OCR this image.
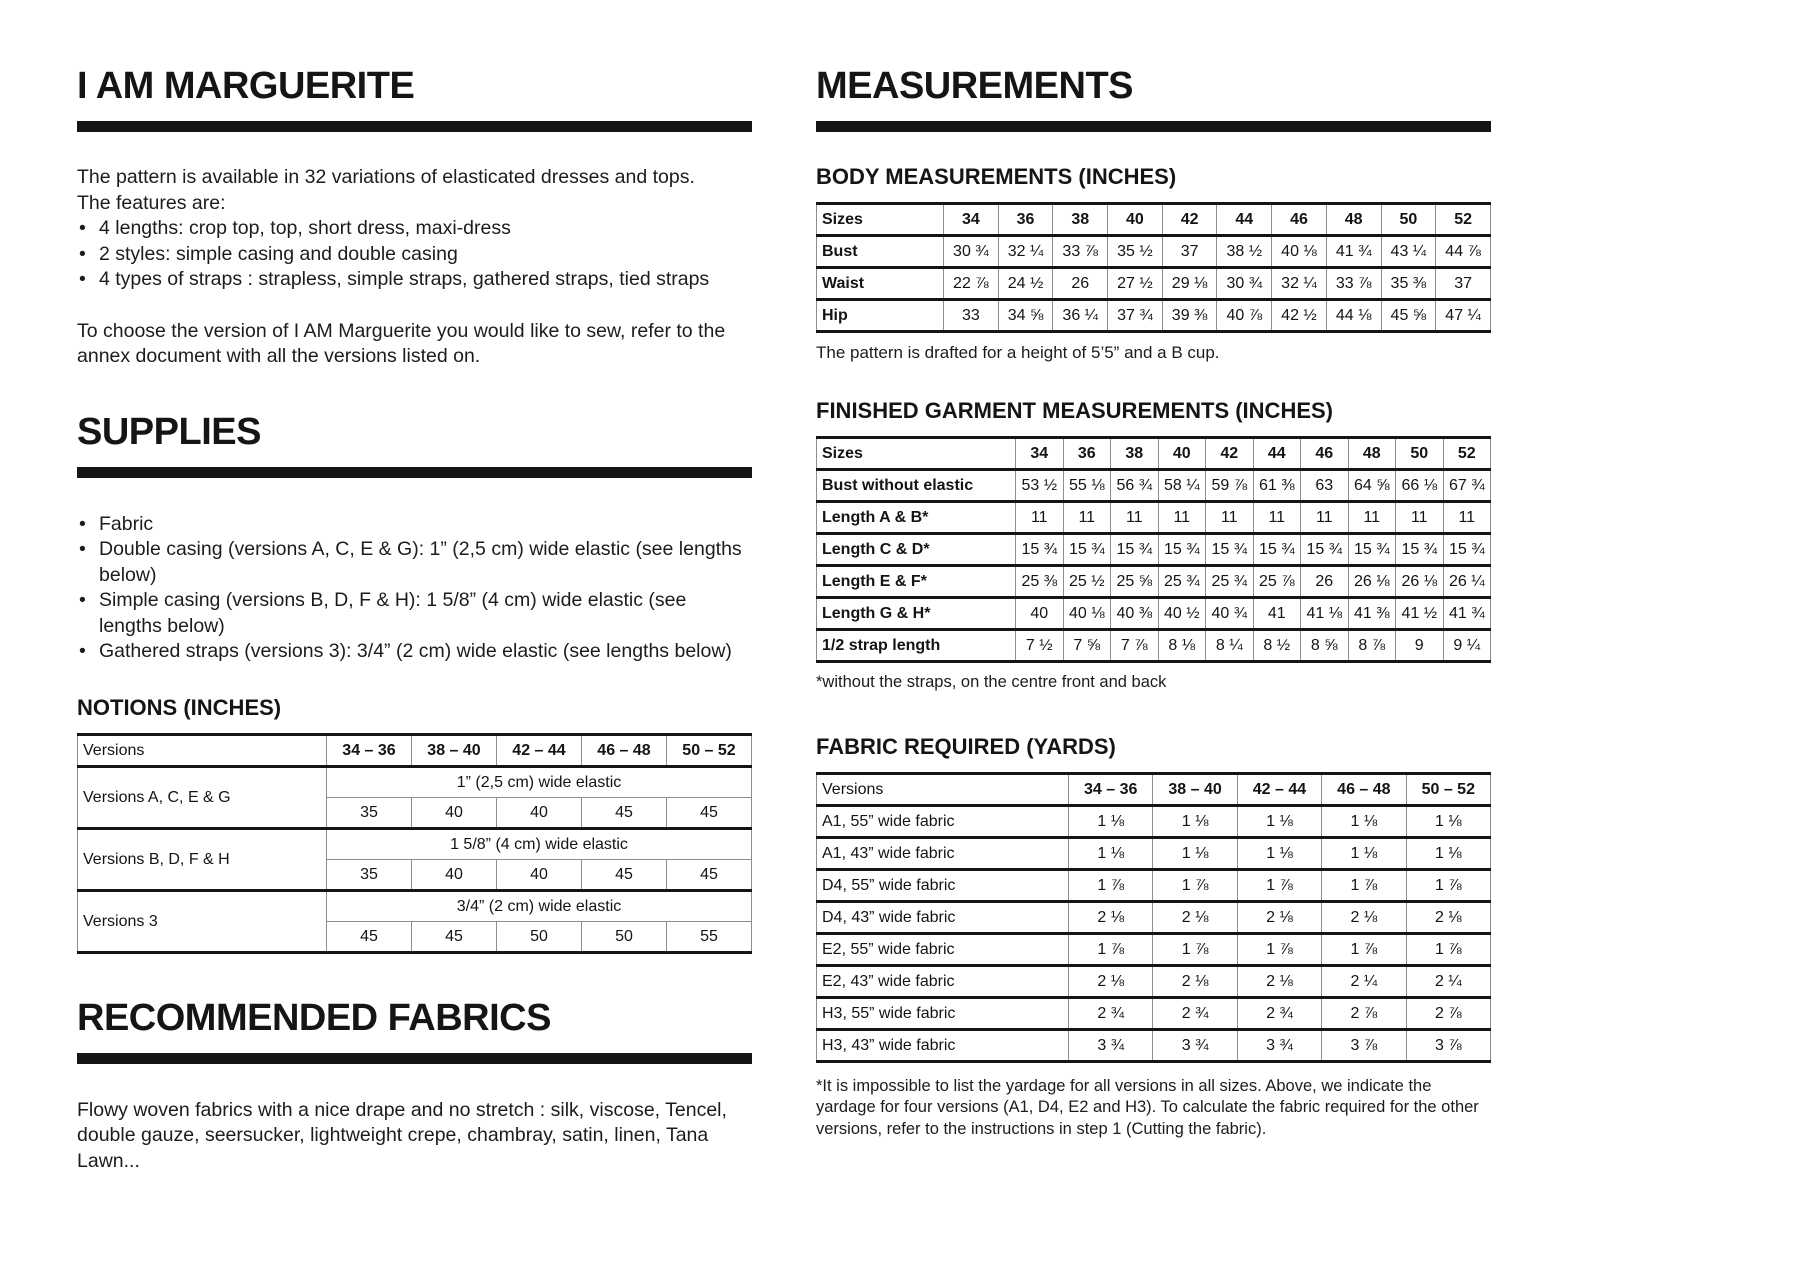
I AM MARGUERITE
The pattern is available in 32 variations of elasticated dresses and tops.
The features are:
• 4 lengths: crop top, top, short dress, maxi-dress
• 2 styles: simple casing and double casing
• 4 types of straps : strapless, simple straps, gathered straps, tied straps
To choose the version of I AM Marguerite you would like to sew, refer to the annex document with all the versions listed on.
SUPPLIES
• Fabric
• Double casing (versions A, C, E & G): 1” (2,5 cm) wide elastic (see lengths below)
• Simple casing (versions B, D, F & H): 1 5/8” (4 cm) wide elastic (see lengths below)
• Gathered straps (versions 3): 3/4” (2 cm) wide elastic (see lengths below)
NOTIONS (INCHES)
Versions	34 – 36	38 – 40	42 – 44	46 – 48	50 – 52
Versions A, C, E & G	1” (2,5 cm) wide elastic				
	35	40	40	45	45
Versions B, D, F & H	1 5/8” (4 cm) wide elastic				
	35	40	40	45	45
Versions 3	3/4” (2 cm) wide elastic				
	45	45	50	50	55
RECOMMENDED FABRICS
Flowy woven fabrics with a nice drape and no stretch : silk, viscose, Tencel, double gauze, seersucker, lightweight crepe, chambray, satin, linen, Tana Lawn...
MEASUREMENTS
BODY MEASUREMENTS (INCHES)
Sizes	34	36	38	40	42	44	46	48	50	52
Bust	30 ¾	32 ¼	33 ⅞	35 ½	37	38 ½	40 ⅛	41 ¾	43 ¼	44 ⅞
Waist	22 ⅞	24 ½	26	27 ½	29 ⅛	30 ¾	32 ¼	33 ⅞	35 ⅜	37
Hip	33	34 ⅝	36 ¼	37 ¾	39 ⅜	40 ⅞	42 ½	44 ⅛	45 ⅝	47 ¼
The pattern is drafted for a height of 5’5” and a B cup.
FINISHED GARMENT MEASUREMENTS (INCHES)
Sizes	34	36	38	40	42	44	46	48	50	52
Bust without elastic	53 ½	55 ⅛	56 ¾	58 ¼	59 ⅞	61 ⅜	63	64 ⅝	66 ⅛	67 ¾
Length A & B*	11	11	11	11	11	11	11	11	11	11
Length C & D*	15 ¾	15 ¾	15 ¾	15 ¾	15 ¾	15 ¾	15 ¾	15 ¾	15 ¾	15 ¾
Length E & F*	25 ⅜	25 ½	25 ⅝	25 ¾	25 ¾	25 ⅞	26	26 ⅛	26 ⅛	26 ¼
Length G & H*	40	40 ⅛	40 ⅜	40 ½	40 ¾	41	41 ⅛	41 ⅜	41 ½	41 ¾
1/2 strap length	7 ½	7 ⅝	7 ⅞	8 ⅛	8 ¼	8 ½	8 ⅝	8 ⅞	9	9 ¼
*without the straps, on the centre front and back
FABRIC REQUIRED (YARDS)
Versions	34 – 36	38 – 40	42 – 44	46 – 48	50 – 52
A1, 55” wide fabric	1 ⅛	1 ⅛	1 ⅛	1 ⅛	1 ⅛
A1, 43” wide fabric	1 ⅛	1 ⅛	1 ⅛	1 ⅛	1 ⅛
D4, 55” wide fabric	1 ⅞	1 ⅞	1 ⅞	1 ⅞	1 ⅞
D4, 43” wide fabric	2 ⅛	2 ⅛	2 ⅛	2 ⅛	2 ⅛
E2, 55” wide fabric	1 ⅞	1 ⅞	1 ⅞	1 ⅞	1 ⅞
E2, 43” wide fabric	2 ⅛	2 ⅛	2 ⅛	2 ¼	2 ¼
H3, 55” wide fabric	2 ¾	2 ¾	2 ¾	2 ⅞	2 ⅞
H3, 43” wide fabric	3 ¾	3 ¾	3 ¾	3 ⅞	3 ⅞
*It is impossible to list the yardage for all versions in all sizes. Above, we indicate the yardage for four versions (A1, D4, E2 and H3). To calculate the fabric required for the other versions, refer to the instructions in step 1 (Cutting the fabric).
